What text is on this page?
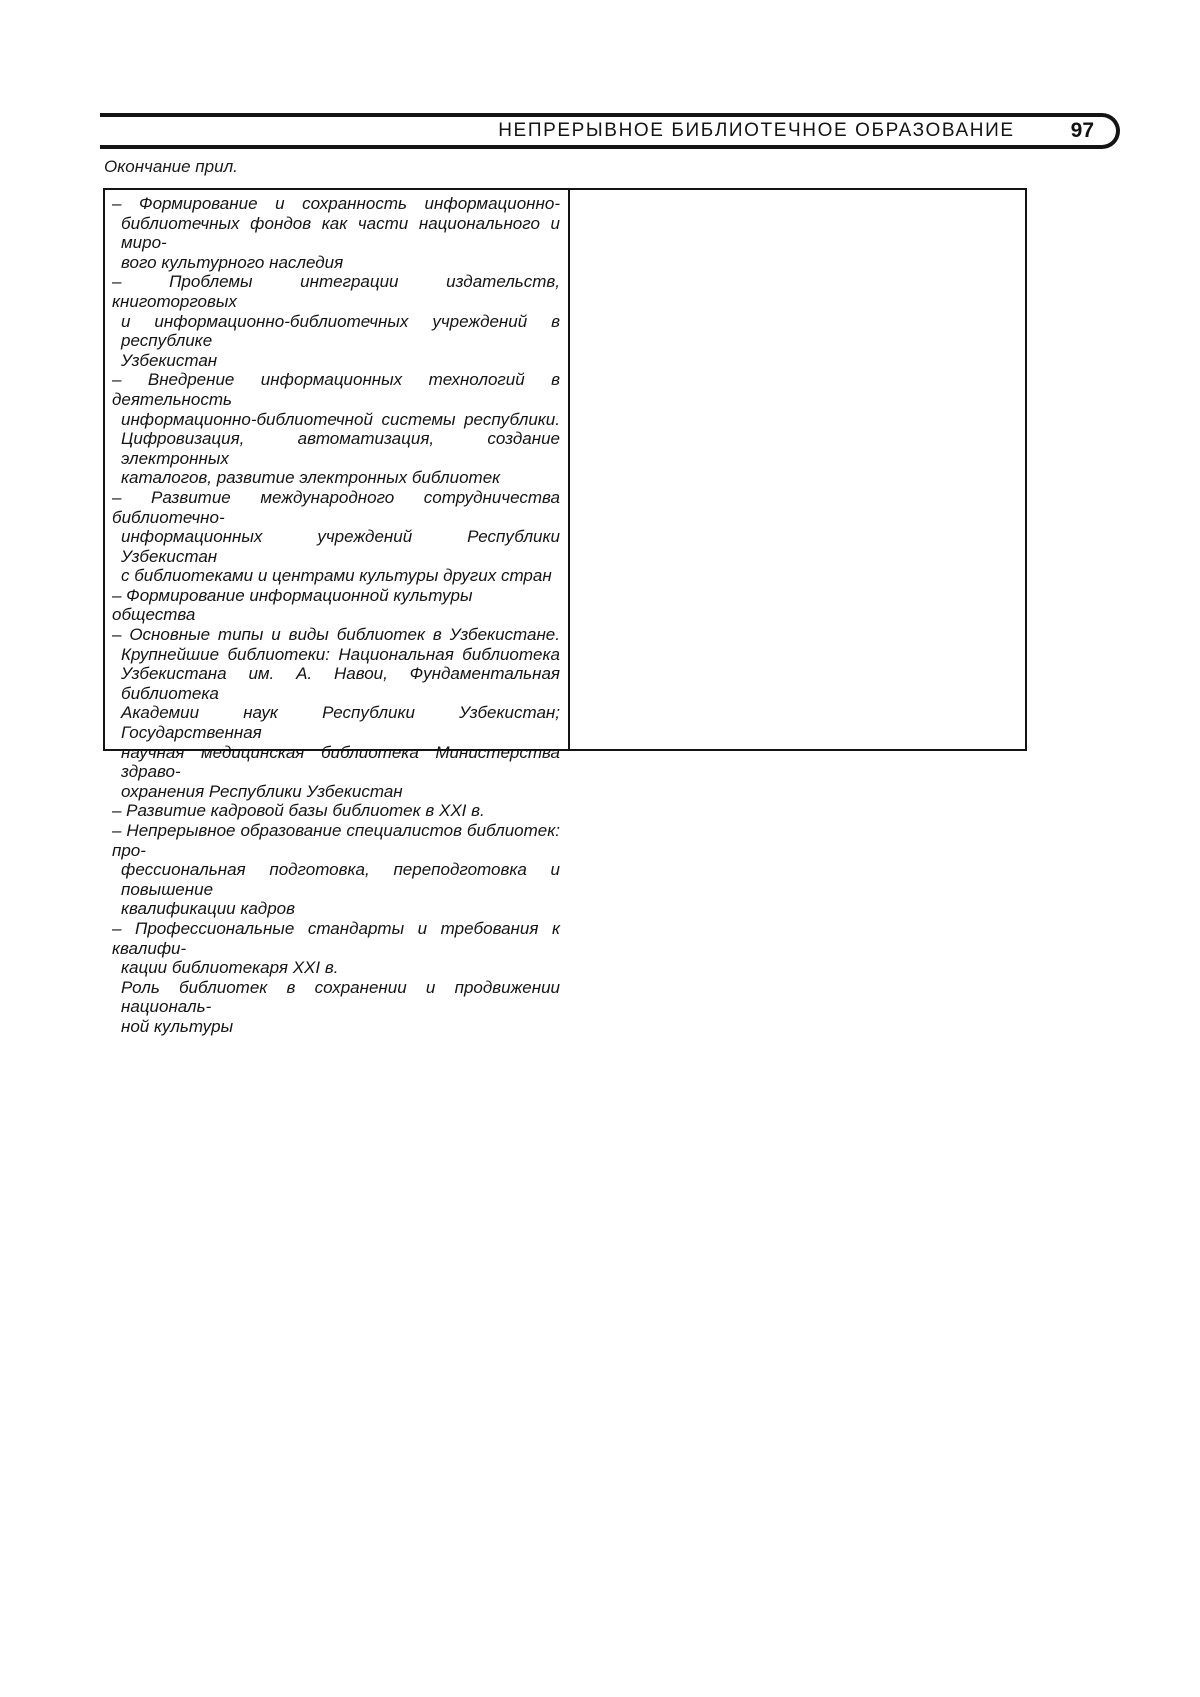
НЕПРЕРЫВНОЕ БИБЛИОТЕЧНОЕ ОБРАЗОВАНИЕ	97
Окончание прил.
– Формирование и сохранность информационно-
библиотечных фондов как части национального и миро-
вого культурного наследия
– Проблемы интеграции издательств, книготорговых
и информационно-библиотечных учреждений в республике
Узбекистан
– Внедрение информационных технологий в деятельность
информационно-библиотечной системы республики.
Цифровизация, автоматизация, создание электронных
каталогов, развитие электронных библиотек
– Развитие международного сотрудничества библиотечно-
информационных учреждений Республики Узбекистан
с библиотеками и центрами культуры других стран
– Формирование информационной культуры общества
– Основные типы и виды библиотек в Узбекистане.
Крупнейшие библиотеки: Национальная библиотека
Узбекистана им. А. Навои, Фундаментальная библиотека
Академии наук Республики Узбекистан; Государственная
научная медицинская библиотека Министерства здраво-
охранения Республики Узбекистан
– Развитие кадровой базы библиотек в XXI в.
– Непрерывное образование специалистов библиотек: про-
фессиональная подготовка, переподготовка и повышение
квалификации кадров
– Профессиональные стандарты и требования к квалифи-
кации библиотекаря XXI в.
Роль библиотек в сохранении и продвижении националь-
ной культуры
